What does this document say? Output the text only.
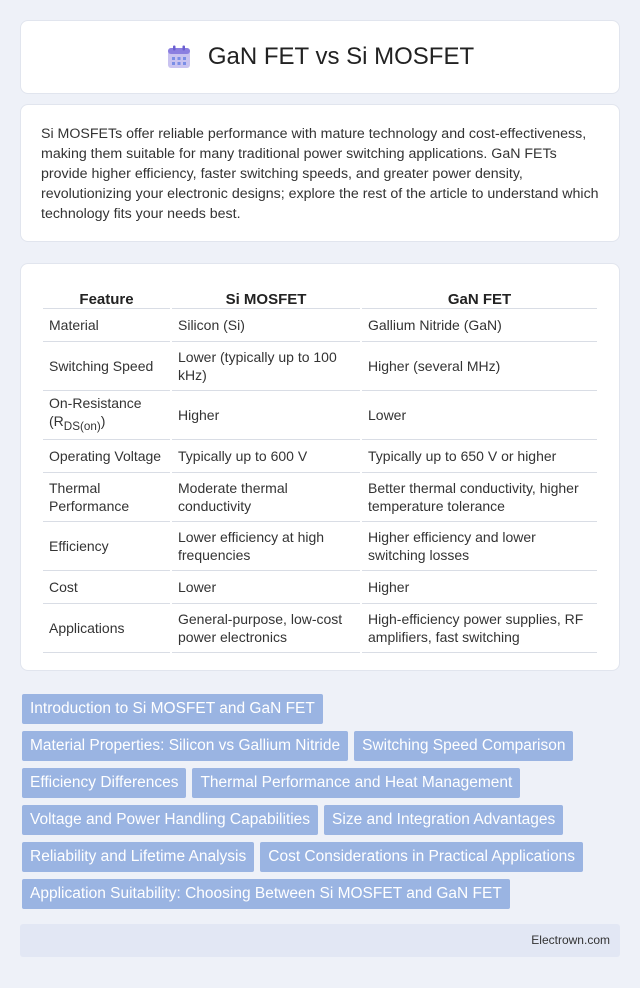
GaN FET vs Si MOSFET

Si MOSFETs offer reliable performance with mature technology and cost-effectiveness, making them suitable for many traditional power switching applications. GaN FETs provide higher efficiency, faster switching speeds, and greater power density, revolutionizing your electronic designs; explore the rest of the article to understand which technology fits your needs best.

Feature	Si MOSFET	GaN FET
Material	Silicon (Si)	Gallium Nitride (GaN)
Switching Speed	Lower (typically up to 100 kHz)	Higher (several MHz)
On-Resistance $(R_{DS(on)})$	Higher	Lower
Operating Voltage	Typically up to 600 V	Typically up to 650 V or higher
Thermal Performance	Moderate thermal conductivity	Better thermal conductivity, higher temperature tolerance
Efficiency	Lower efficiency at high frequencies	Higher efficiency and lower switching losses
Cost	Lower	Higher
Applications	General-purpose, low-cost power electronics	High-efficiency power supplies, RF amplifiers, fast switching
Introduction to Si MOSFET and GaN FET
Material Properties: Silicon vs Gallium Nitride	Switching Speed Comparison
Efficiency Differences	Thermal Performance and Heat Management
Voltage and Power Handling Capabilities	Size and Integration Advantages
Reliability and Lifetime Analysis	Cost Considerations in Practical Applications
Application Suitability: Choosing Between Si MOSFET and GaN FET
Electrown.com
